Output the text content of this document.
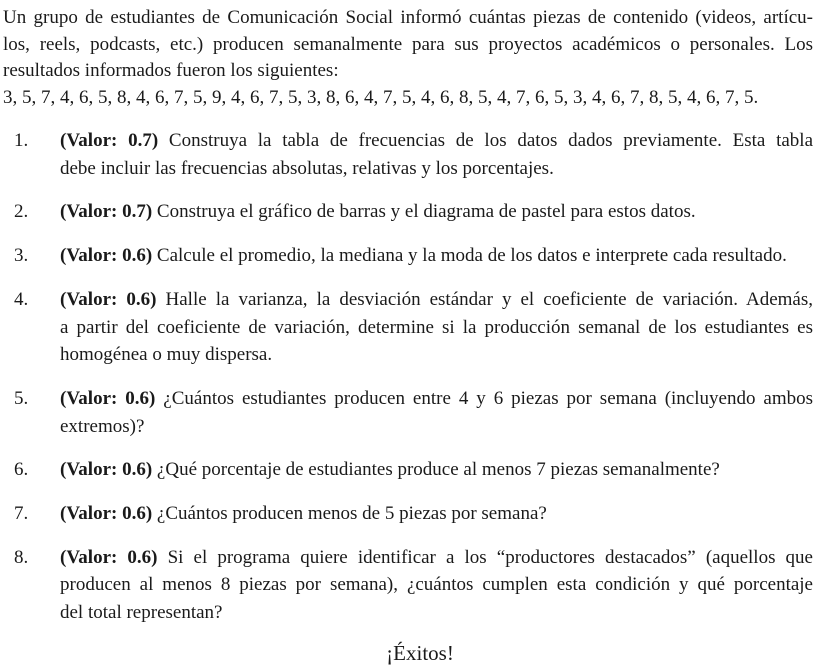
Un grupo de estudiantes de Comunicación Social informó cuántas piezas de contenido (videos, artícu-
los, reels, podcasts, etc.) producen semanalmente para sus proyectos académicos o personales. Los
resultados informados fueron los siguientes:
3, 5, 7, 4, 6, 5, 8, 4, 6, 7, 5, 9, 4, 6, 7, 5, 3, 8, 6, 4, 7, 5, 4, 6, 8, 5, 4, 7, 6, 5, 3, 4, 6, 7, 8, 5, 4, 6, 7, 5.
1. (Valor: 0.7) Construya la tabla de frecuencias de los datos dados previamente. Esta tabla
debe incluir las frecuencias absolutas, relativas y los porcentajes.
2. (Valor: 0.7) Construya el gráfico de barras y el diagrama de pastel para estos datos.
3. (Valor: 0.6) Calcule el promedio, la mediana y la moda de los datos e interprete cada resultado.
4. (Valor: 0.6) Halle la varianza, la desviación estándar y el coeficiente de variación. Además,
a partir del coeficiente de variación, determine si la producción semanal de los estudiantes es
homogénea o muy dispersa.
5. (Valor: 0.6) ¿Cuántos estudiantes producen entre 4 y 6 piezas por semana (incluyendo ambos
extremos)?
6. (Valor: 0.6) ¿Qué porcentaje de estudiantes produce al menos 7 piezas semanalmente?
7. (Valor: 0.6) ¿Cuántos producen menos de 5 piezas por semana?
8. (Valor: 0.6) Si el programa quiere identificar a los “productores destacados” (aquellos que
producen al menos 8 piezas por semana), ¿cuántos cumplen esta condición y qué porcentaje
del total representan?
¡Éxitos!
